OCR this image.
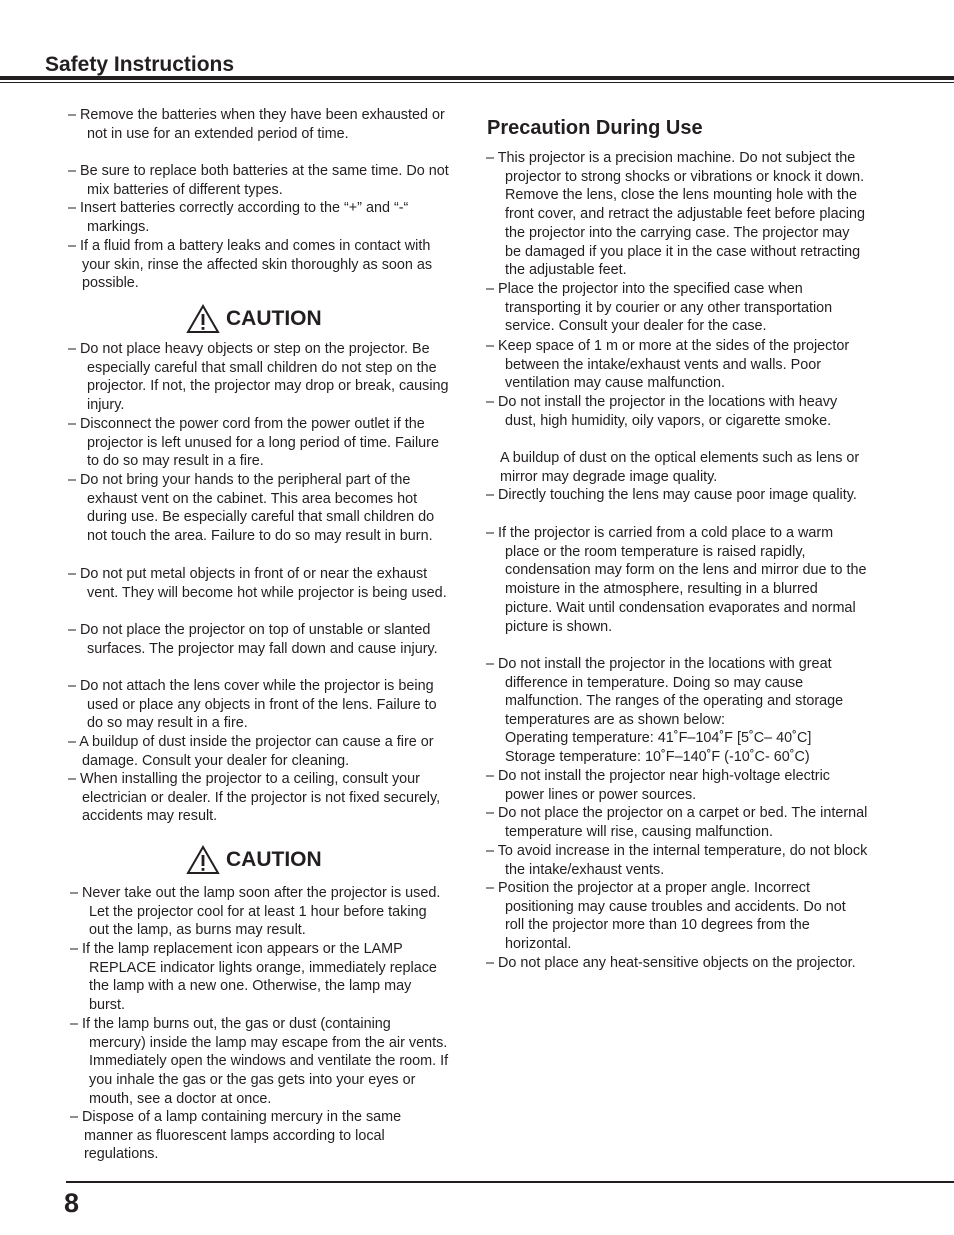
Safety Instructions
– Remove the batteries when they have been exhausted or not in use for an extended period of time.
– Be sure to replace both batteries at the same time. Do not mix batteries of different types.
– Insert batteries correctly according to the “+” and “-“ markings.
– If a fluid from a battery leaks and comes in contact with your skin, rinse the affected skin thoroughly as soon as possible.
CAUTION
– Do not place heavy objects or step on the projector. Be especially careful that small children do not step on the projector. If not, the projector may drop or break, causing injury.
– Disconnect the power cord from the power outlet if the projector is left unused for a long period of time. Failure to do so may result in a fire.
– Do not bring your hands to the peripheral part of the exhaust vent on the cabinet. This area becomes hot during use. Be especially careful that small children do not touch the area. Failure to do so may result in burn.
– Do not put metal objects in front of or near the exhaust vent. They will become hot while projector is being used.
– Do not place the projector on top of unstable or slanted surfaces. The projector may fall down and cause injury.
– Do not attach the lens cover while the projector is being used or place any objects in front of the lens. Failure to do so may result in a fire.
– A buildup of dust inside the projector can cause a fire or damage. Consult your dealer for cleaning.
– When installing the projector to a ceiling, consult your electrician or dealer. If the projector is not fixed securely, accidents may result.
CAUTION
– Never take out the lamp soon after the projector is used. Let the projector cool for at least 1 hour before taking out the lamp, as burns may result.
– If the lamp replacement icon appears or the LAMP REPLACE indicator lights orange, immediately replace the lamp with a new one. Otherwise, the lamp may burst.
– If the lamp burns out, the gas or dust (containing mercury) inside the lamp may escape from the air vents. Immediately open the windows and ventilate the room. If you inhale the gas or the gas gets into your eyes or mouth, see a doctor at once.
– Dispose of a lamp containing mercury in the same manner as fluorescent lamps according to local regulations.
Precaution During Use
– This projector is a precision machine. Do not subject the projector to strong shocks or vibrations or knock it down. Remove the lens, close the lens mounting hole with the front cover, and retract the adjustable feet before placing the projector into the carrying case. The projector may be damaged if you place it in the case without retracting the adjustable feet.
– Place the projector into the specified case when transporting it by courier or any other transportation service. Consult your dealer for the case.
– Keep space of 1 m or more at the sides of the projector between the intake/exhaust vents and walls. Poor ventilation may cause malfunction.
– Do not install the projector in the locations with heavy dust, high humidity, oily vapors, or cigarette smoke.
A buildup of dust on the optical elements such as lens or mirror may degrade image quality.
– Directly touching the lens may cause poor image quality.
– If the projector is carried from a cold place to a warm place or the room temperature is raised rapidly, condensation may form on the lens and mirror due to the moisture in the atmosphere, resulting in a blurred picture. Wait until condensation evaporates and normal picture is shown.
– Do not install the projector in the locations with great difference in temperature. Doing so may cause malfunction. The ranges of the operating and storage temperatures are as shown below:
Operating temperature: 41˚F–104˚F [5˚C– 40˚C]
Storage temperature: 10˚F–140˚F (-10˚C- 60˚C)
– Do not install the projector near high-voltage electric power lines or power sources.
– Do not place the projector on a carpet or bed. The internal temperature will rise, causing malfunction.
– To avoid increase in the internal temperature, do not block the intake/exhaust vents.
– Position the projector at a proper angle. Incorrect positioning may cause troubles and accidents. Do not roll the projector more than 10 degrees from the horizontal.
– Do not place any heat-sensitive objects on the projector.
8
